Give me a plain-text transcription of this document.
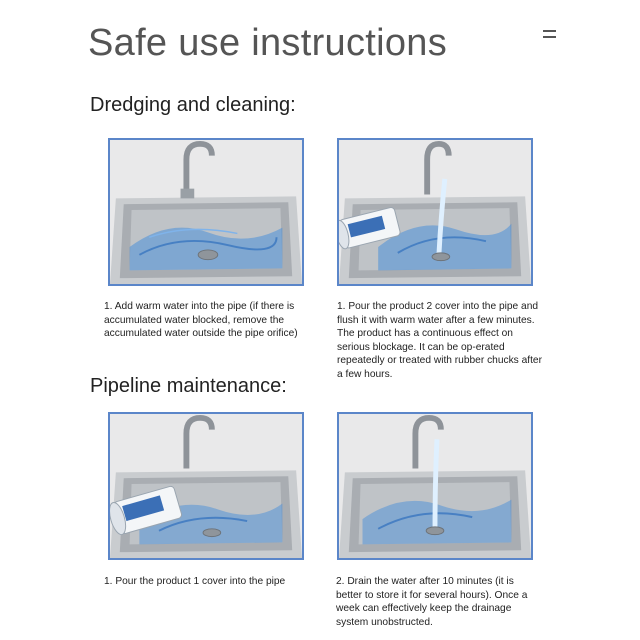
Safe use instructions
Dredging and cleaning:
1. Add warm water into the pipe (if there is accumulated water blocked, remove the accumulated water outside the pipe orifice)
1. Pour the product 2 cover into the pipe and flush it with warm water after a few minutes. The product has a continuous effect on serious blockage. It can be op-erated repeatedly or treated with rubber chucks after a few hours.
Pipeline maintenance:
1. Pour the product 1 cover into the pipe	2. Drain the water after 10 minutes (it is better to store it for several hours). Once a week can effectively keep the drainage system unobstructed.
